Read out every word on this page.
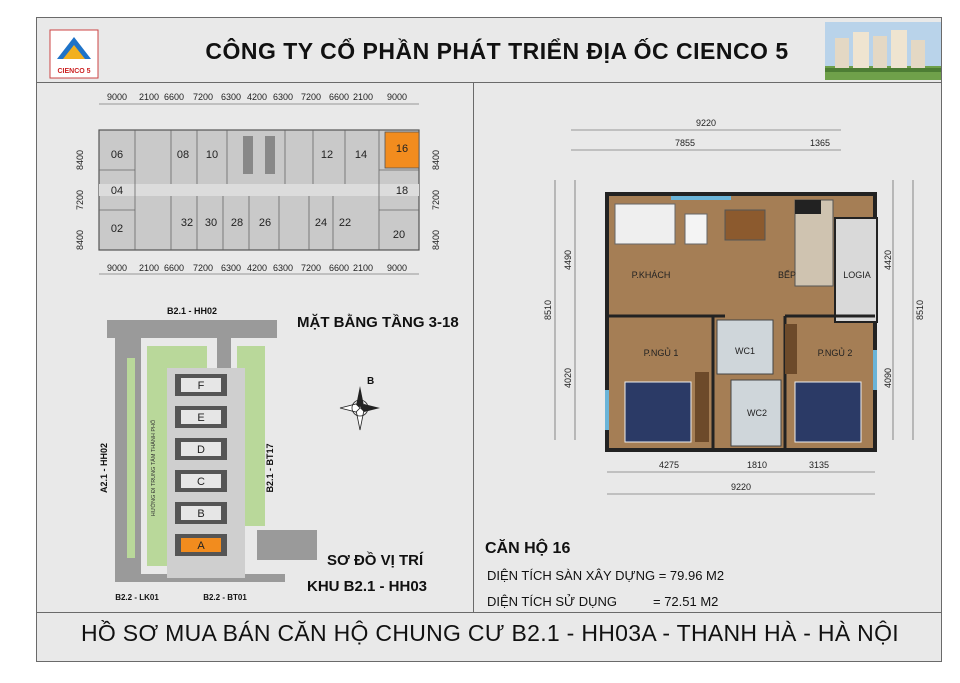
CIENCO 5
CÔNG TY CỔ PHẦN PHÁT TRIỂN ĐỊA ỐC CIENCO 5
9000 2100 6600 7200 6300 4200 6300 7200 6600 2100 9000
9000 2100 6600 7200 6300 4200 6300 7200 6600 2100 9000
8400
7200
8400
8400
7200
8400
06	08 10	12 14	16
04	18
02	32 30 28 26	24 22
20
MẶT BẰNG TẦNG 3-18
F
E
D
C
B
A
B2.1 - HH02
A2.1 - HH02	B2.1 - BT17
HƯỚNG ĐI TRUNG TÂM THÀNH PHỐ
B2.2 - LK01	B2.2 - BT01
B
SƠ ĐỒ VỊ TRÍ
KHU B2.1 - HH03
9220
7855	1365
8510
4490
4020
4420
4090
8510
4275	1810	3135
9220
P.KHÁCH	BẾP	LOGIA
P.NGỦ 1	P.NGỦ 2
WC1
WC2
CĂN HỘ 16
DIỆN TÍCH SÀN XÂY DỰNG = 79.96 M2
DIỆN TÍCH SỬ DỤNG	= 72.51 M2
HỒ SƠ MUA BÁN CĂN HỘ CHUNG CƯ B2.1 - HH03A - THANH HÀ - HÀ NỘI
